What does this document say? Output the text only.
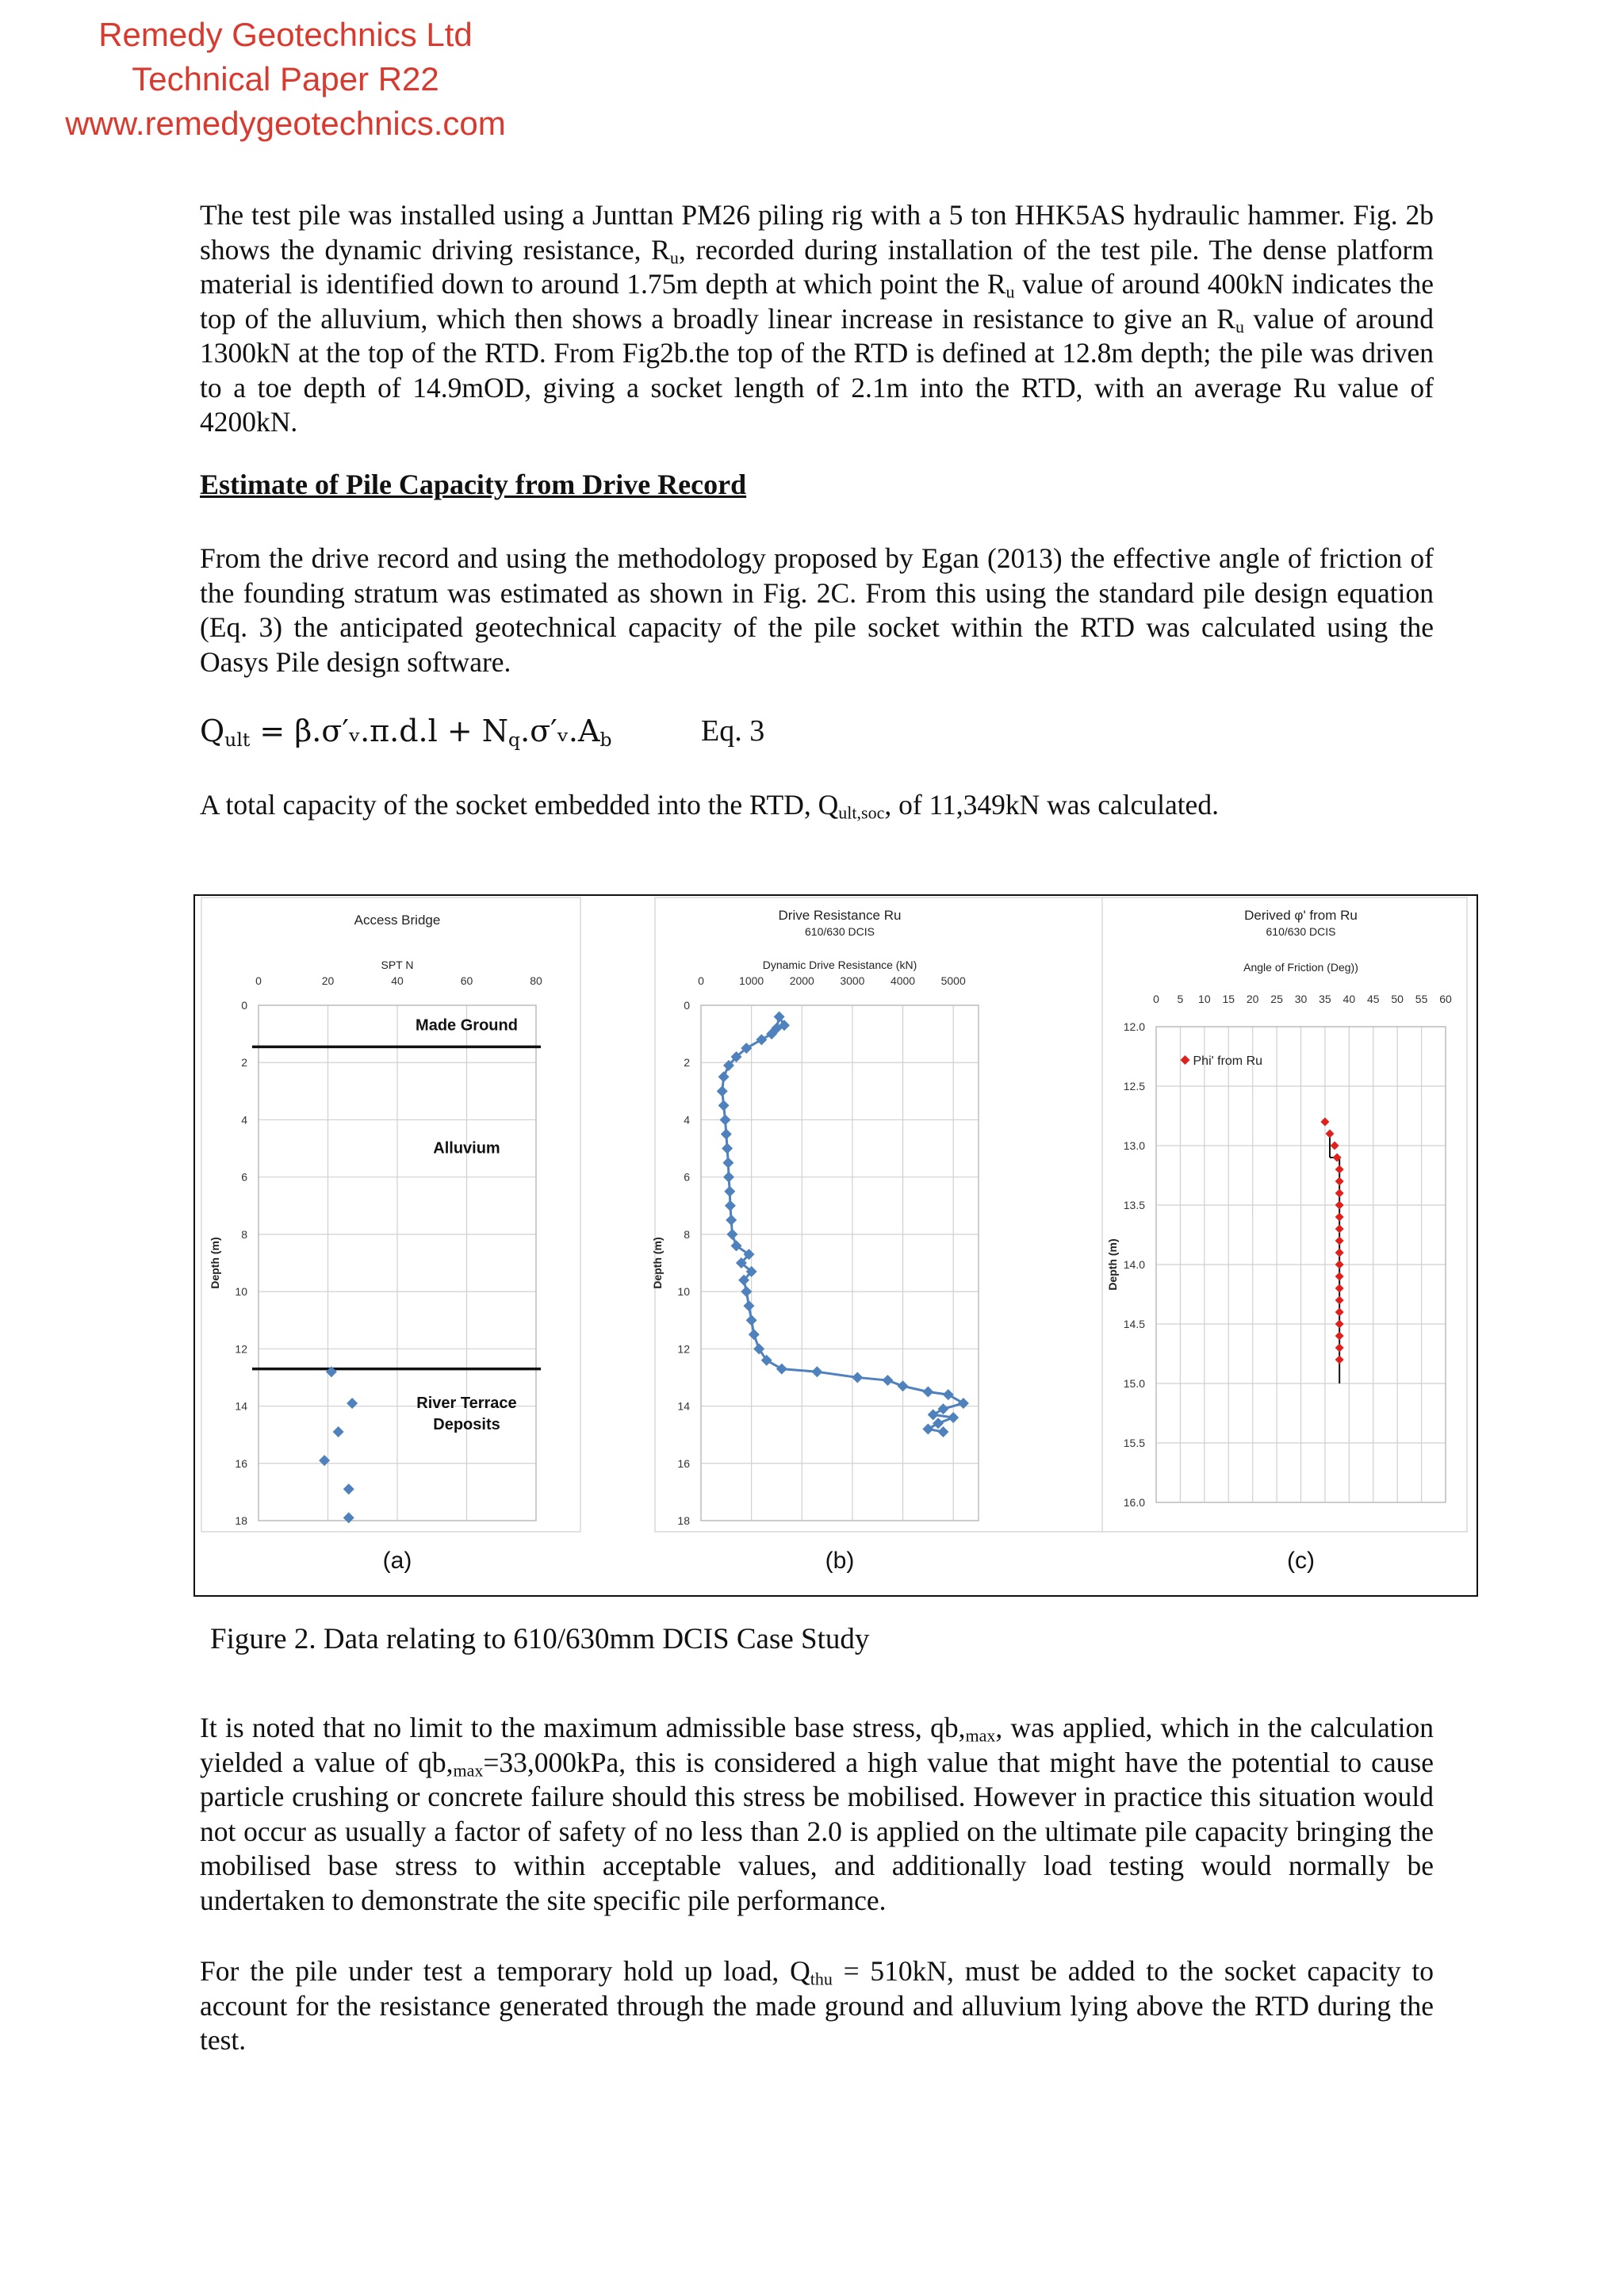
Remedy Geotechnics Ltd
Technical Paper R22
www.remedygeotechnics.com

The test pile was installed using a Junttan PM26 piling rig with a 5 ton HHK5AS hydraulic hammer. Fig. 2b shows the dynamic driving resistance, $R_u$, recorded during installation of the test pile. The dense platform material is identified down to around 1.75m depth at which point the $R_u$ value of around 400kN indicates the top of the alluvium, which then shows a broadly linear increase in resistance to give an $R_u$ value of around 1300kN at the top of the RTD. From Fig2b.the top of the RTD is defined at 12.8m depth; the pile was driven to a toe depth of 14.9mOD, giving a socket length of 2.1m into the RTD, with an average Ru value of 4200kN.

Estimate of Pile Capacity from Drive Record

From the drive record and using the methodology proposed by Egan (2013) the effective angle of friction of the founding stratum was estimated as shown in Fig. 2C. From this using the standard pile design equation (Eq. 3) the anticipated geotechnical capacity of the pile socket within the RTD was calculated using the Oasys Pile design software.

$Q_{ult}$ = β.σ′ᵥ.π.d.l + $N_q.\sigma'ᵥ.A_b$	Eq. 3

A total capacity of the socket embedded into the RTD, $Q_{ult,soc}$, of 11,349kN was calculated.

0	20	40	60	80
0
2
4
6
8
10
12
14
16
18
Access Bridge
SPT N
Depth (m)
(a)
Made Ground
Alluvium
River Terrace
Deposits
0	1000 2000 3000 4000 5000
0
2
4
6
8
10
12
14
16
18
Drive Resistance Ru
610/630 DCIS
Dynamic Drive Resistance (kN)
Depth (m)
(b)
0 5 10 15 20 25 30 35 40 45 50 55 60
12.0
12.5
13.0
13.5
14.0
14.5
15.0
15.5
16.0
Derived φ' from Ru
610/630 DCIS
Angle of Friction (Deg))
Depth (m)
(c)
Phi' from Ru
Figure 2. Data relating to 610/630mm DCIS Case Study

It is noted that no limit to the maximum admissible base stress, $qb,_{max}$, was applied, which in the calculation yielded a value of $qb,_{max}=33,000kPa$, this is considered a high value that might have the potential to cause particle crushing or concrete failure should this stress be mobilised. However in practice this situation would not occur as usually a factor of safety of no less than 2.0 is applied on the ultimate pile capacity bringing the mobilised base stress to within acceptable values, and additionally load testing would normally be undertaken to demonstrate the site specific pile performance.

For the pile under test a temporary hold up load, $Q_{thu} = 510kN$, must be added to the socket capacity to account for the resistance generated through the made ground and alluvium lying above the RTD during the test.
